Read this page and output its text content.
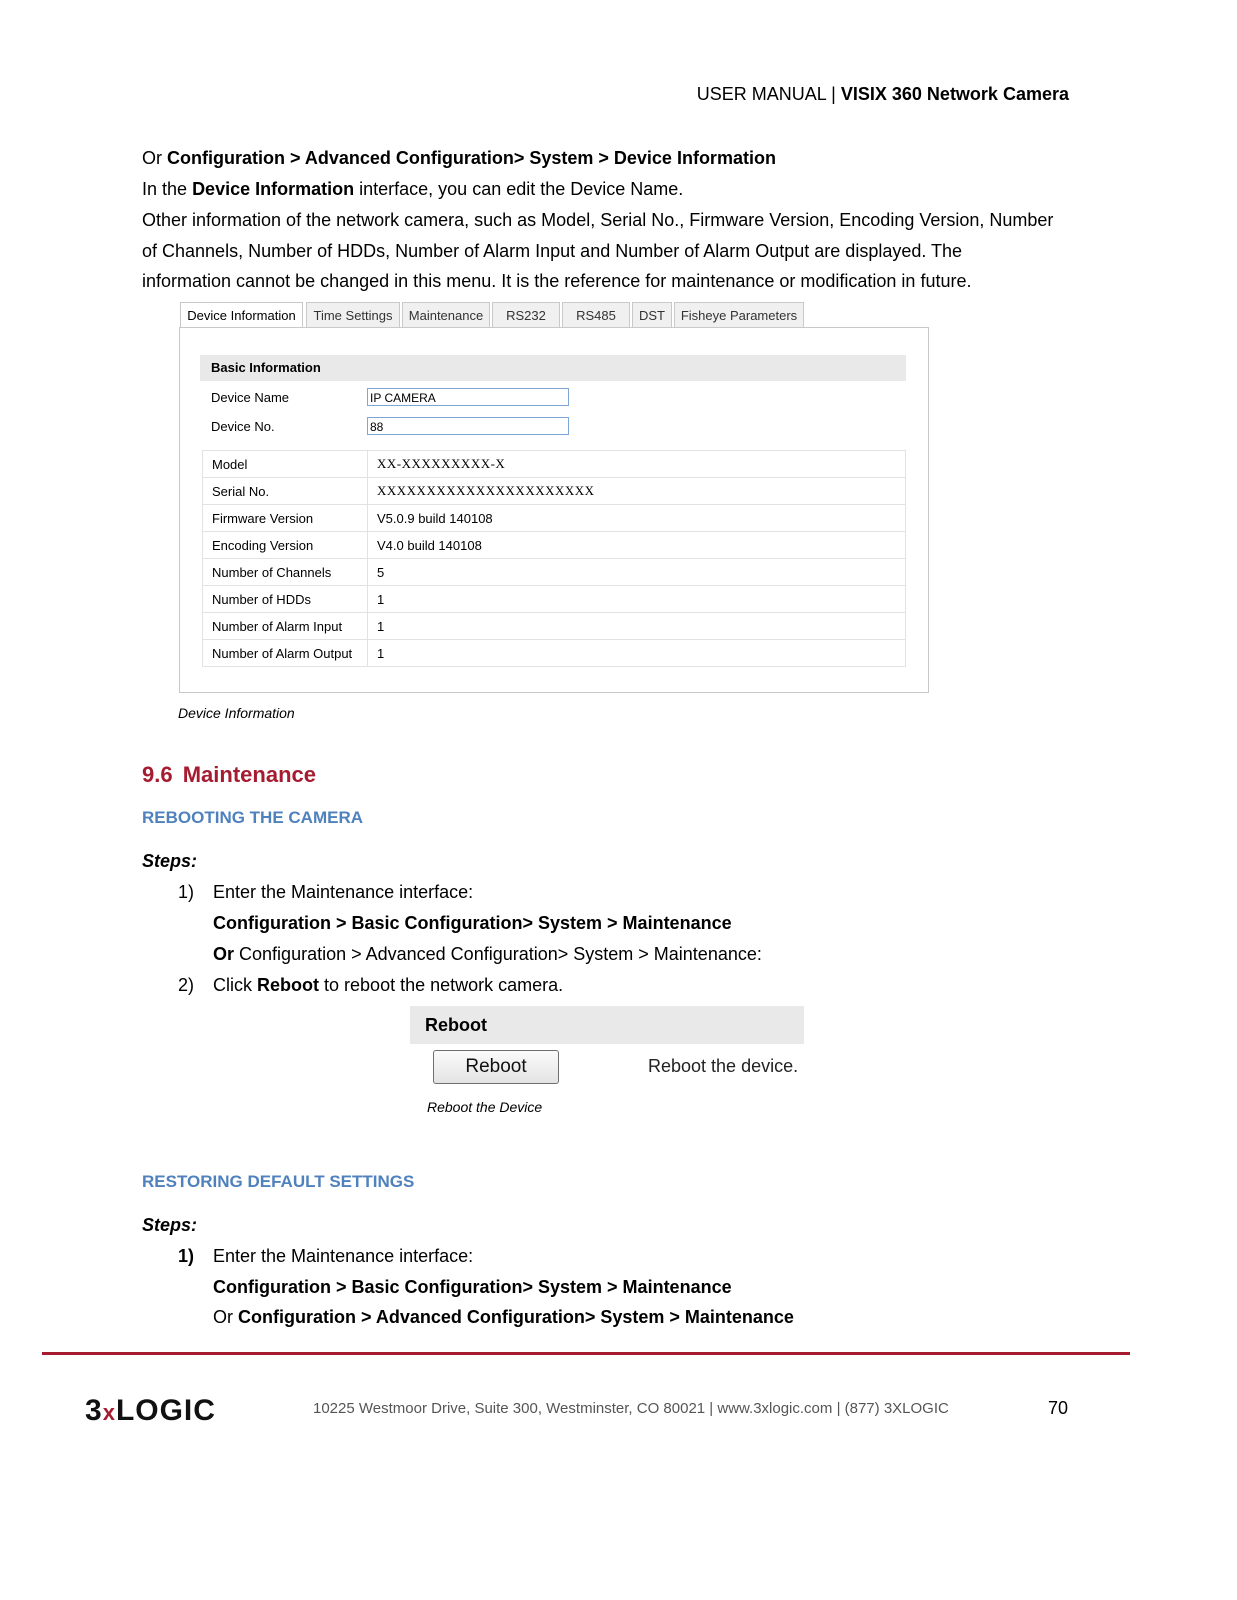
USER MANUAL | VISIX 360 Network Camera
Or Configuration > Advanced Configuration> System > Device Information
In the Device Information interface, you can edit the Device Name.
Other information of the network camera, such as Model, Serial No., Firmware Version, Encoding Version, Number
of Channels, Number of HDDs, Number of Alarm Input and Number of Alarm Output are displayed. The
information cannot be changed in this menu. It is the reference for maintenance or modification in future.
Device Information	Time Settings	Maintenance	RS232	RS485	DST	Fisheye Parameters
Basic Information
Device Name	IP CAMERA
Device No.	88
Model	XX-XXXXXXXXX-X
Serial No.	XXXXXXXXXXXXXXXXXXXXXX
Firmware Version	V5.0.9 build 140108
Encoding Version	V4.0 build 140108
Number of Channels	5
Number of HDDs	1
Number of Alarm Input	1
Number of Alarm Output	1
Device Information
9.6 Maintenance
REBOOTING THE CAMERA
Steps:
1) Enter the Maintenance interface:
Configuration > Basic Configuration> System > Maintenance
Or Configuration > Advanced Configuration> System > Maintenance:
2) Click Reboot to reboot the network camera.
Reboot
Reboot	Reboot the device.
Reboot the Device
RESTORING DEFAULT SETTINGS
Steps:
1) Enter the Maintenance interface:
Configuration > Basic Configuration> System > Maintenance
Or Configuration > Advanced Configuration> System > Maintenance
3xLOGIC	10225 Westmoor Drive, Suite 300, Westminster, CO 80021 | www.3xlogic.com | (877) 3XLOGIC	70
